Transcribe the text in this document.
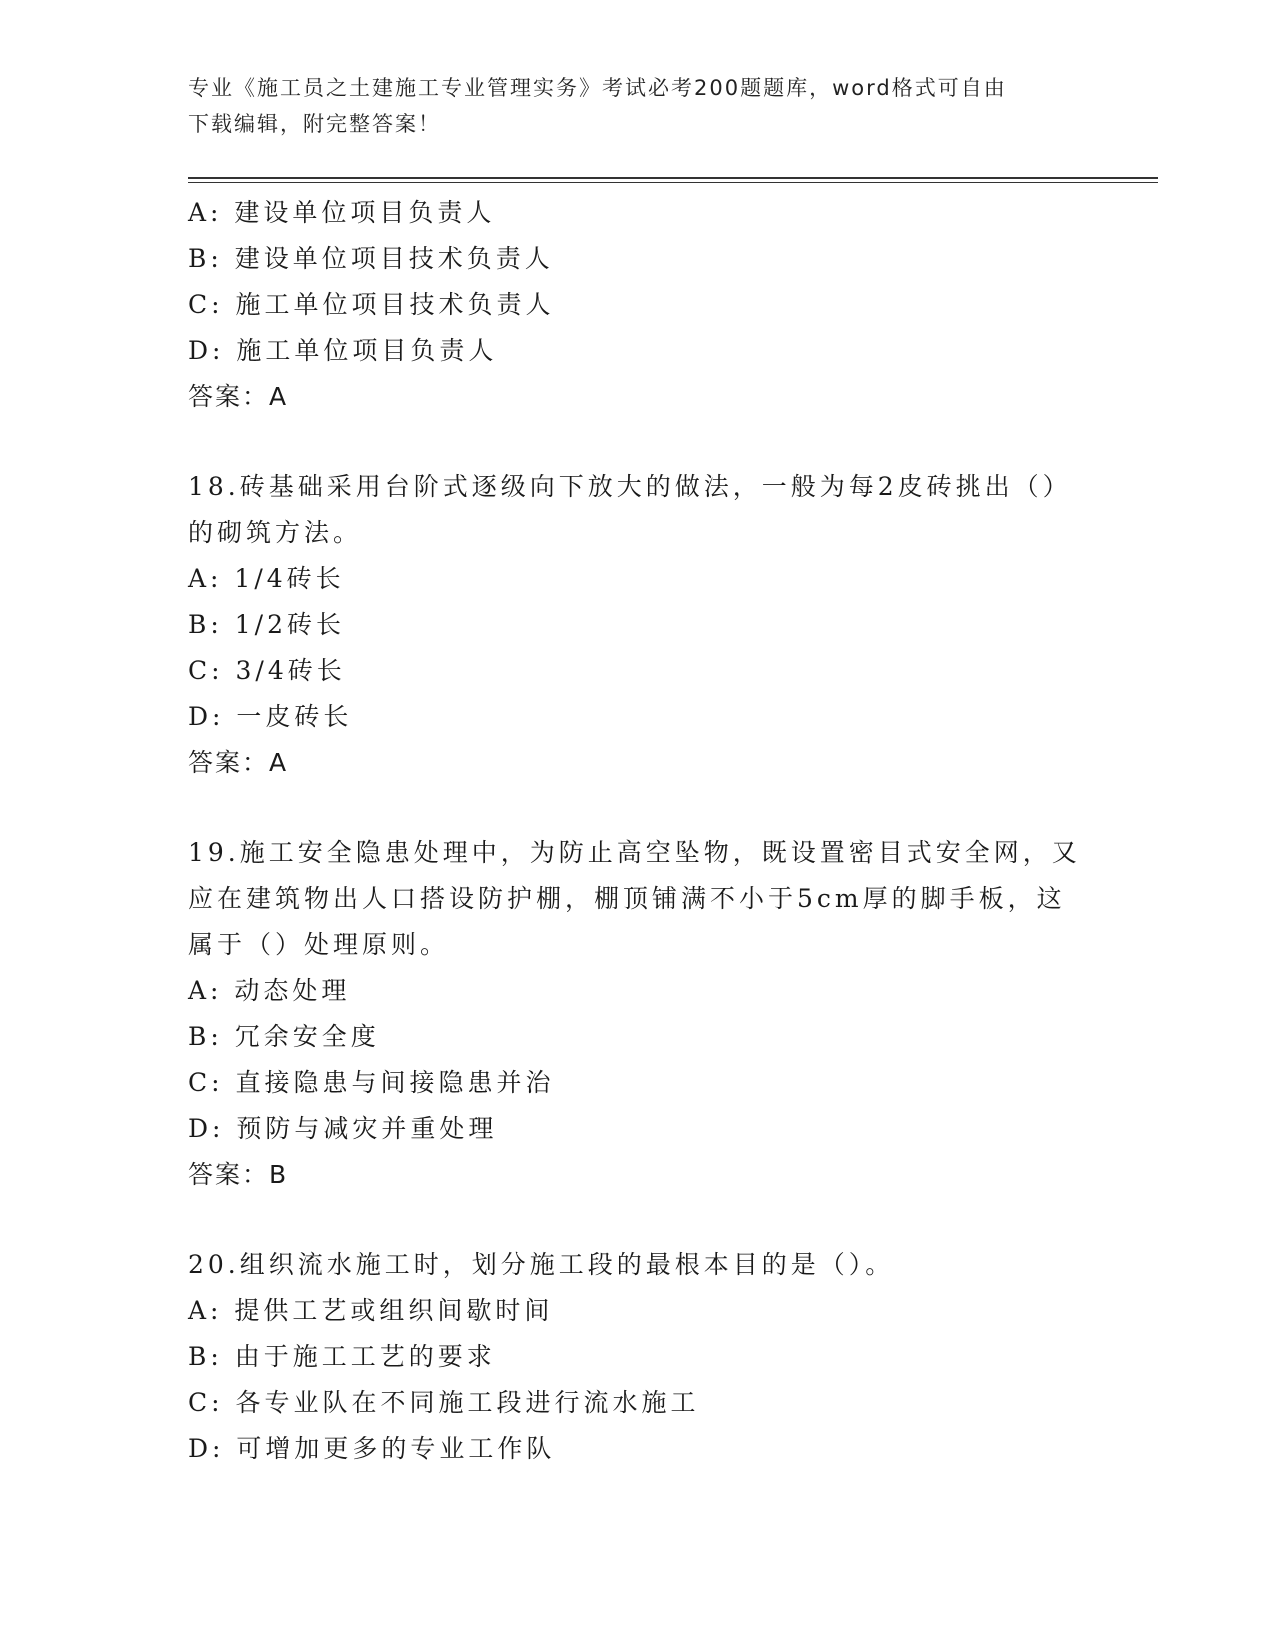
专业《施工员之土建施工专业管理实务》考试必考200题题库，word格式可自由
下载编辑，附完整答案！
A: 建设单位项目负责人
B: 建设单位项目技术负责人
C: 施工单位项目技术负责人
D: 施工单位项目负责人
答案：A
18.砖基础采用台阶式逐级向下放大的做法，一般为每2皮砖挑出（）
的砌筑方法。
A: 1/4砖长
B: 1/2砖长
C: 3/4砖长
D: 一皮砖长
答案：A
19.施工安全隐患处理中，为防止高空坠物，既设置密目式安全网，又
应在建筑物出人口搭设防护棚，棚顶铺满不小于5cm厚的脚手板，这
属于（）处理原则。
A: 动态处理
B: 冗余安全度
C: 直接隐患与间接隐患并治
D: 预防与减灾并重处理
答案：B
20.组织流水施工时，划分施工段的最根本目的是（）。
A: 提供工艺或组织间歇时间
B: 由于施工工艺的要求
C: 各专业队在不同施工段进行流水施工
D: 可增加更多的专业工作队
